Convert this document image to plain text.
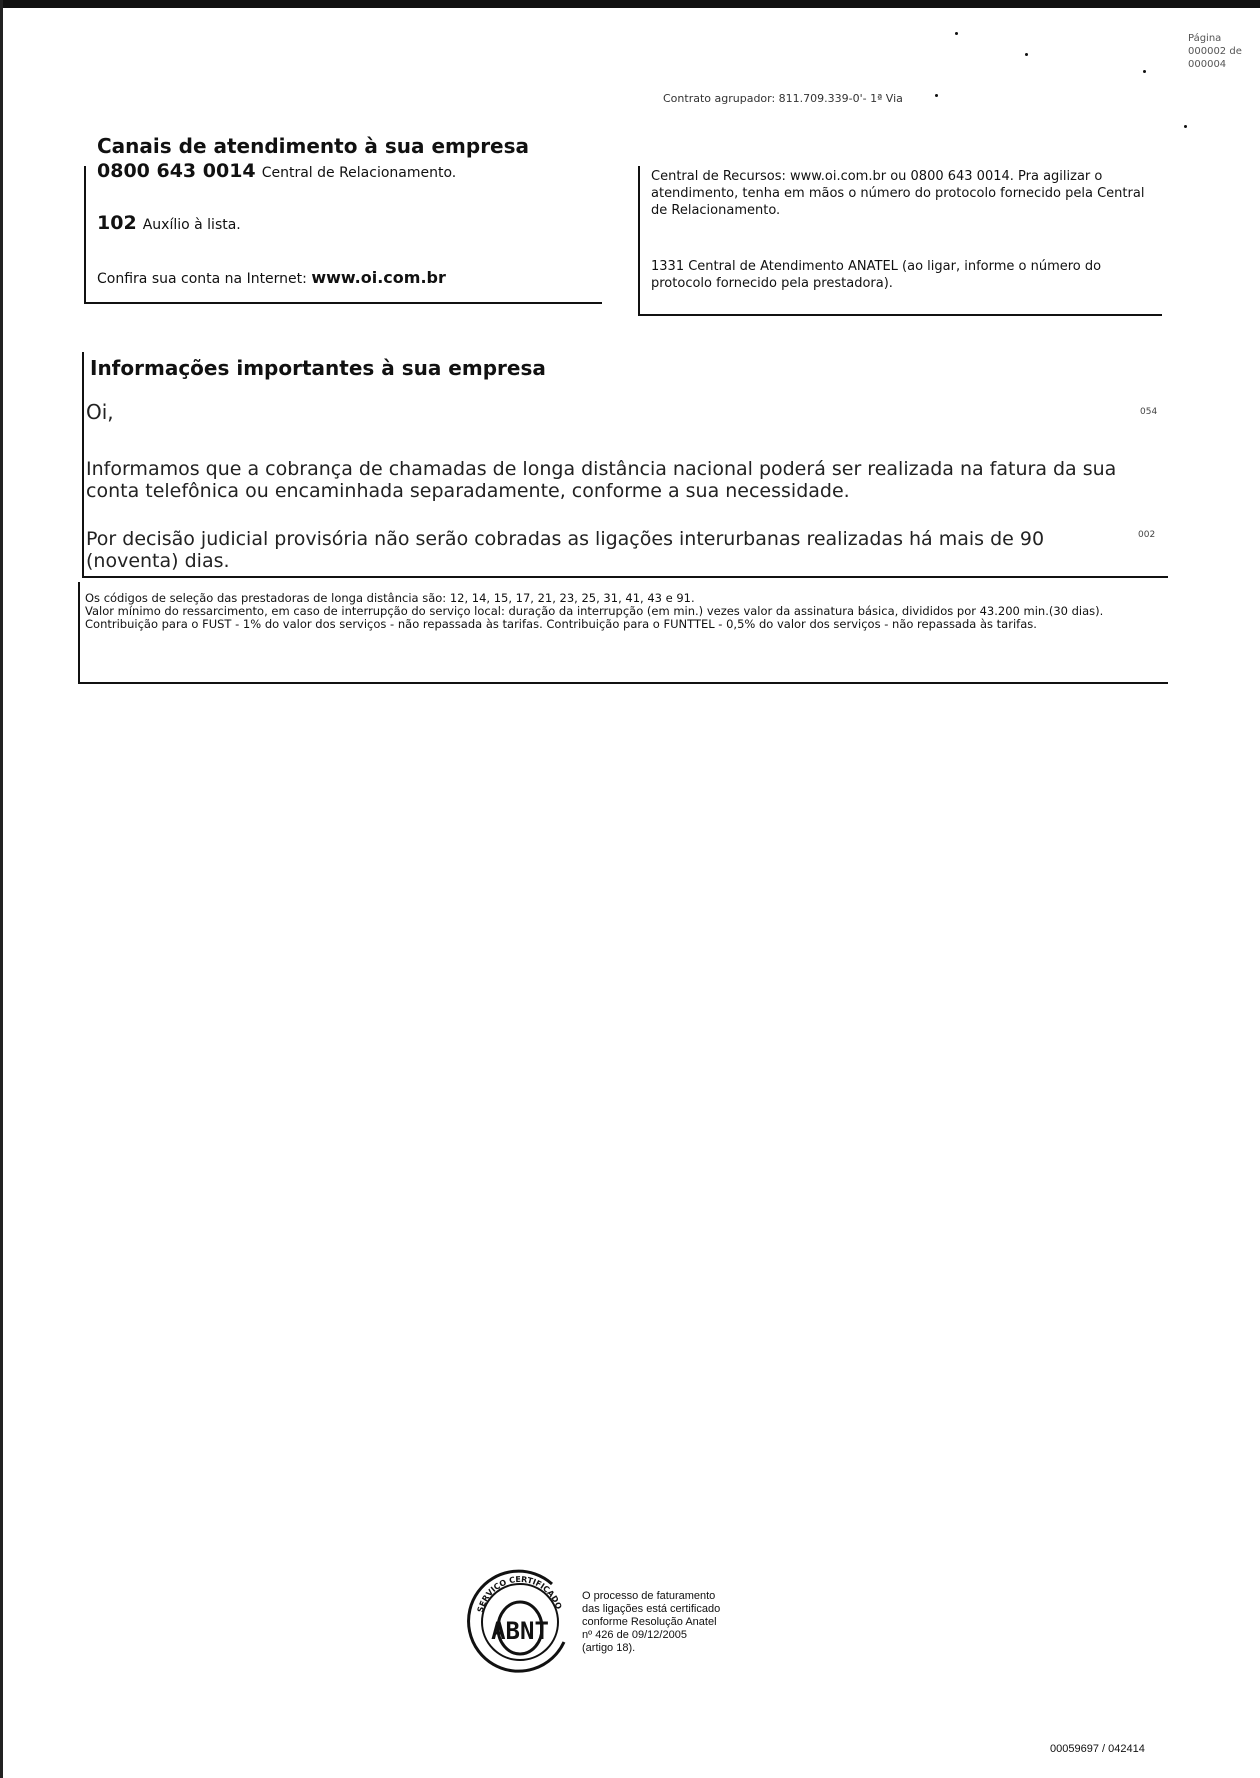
Página
000002 de
000004
Contrato agrupador: 811.709.339-0'- 1ª Via
Canais de atendimento à sua empresa
0800 643 0014 Central de Relacionamento.
102 Auxílio à lista.
Confira sua conta na Internet: www.oi.com.br
Central de Recursos: www.oi.com.br ou 0800 643 0014. Pra agilizar o atendimento, tenha em mãos o número do protocolo fornecido pela Central de Relacionamento.
1331 Central de Atendimento ANATEL (ao ligar, informe o número do protocolo fornecido pela prestadora).
Informações importantes à sua empresa
Oi,	054
Informamos que a cobrança de chamadas de longa distância nacional poderá ser realizada na fatura da sua conta telefônica ou encaminhada separadamente, conforme a sua necessidade.
Por decisão judicial provisória não serão cobradas as ligações interurbanas realizadas há mais de 90 (noventa) dias.
002
Os códigos de seleção das prestadoras de longa distância são: 12, 14, 15, 17, 21, 23, 25, 31, 41, 43 e 91.
Valor mínimo do ressarcimento, em caso de interrupção do serviço local: duração da interrupção (em min.) vezes valor da assinatura básica, divididos por 43.200 min.(30 dias).
Contribuição para o FUST - 1% do valor dos serviços - não repassada às tarifas. Contribuição para o FUNTTEL - 0,5% do valor dos serviços - não repassada às tarifas.
ABNT
SERVIÇO CERTIFICADO
O processo de faturamento
das ligações está certificado
conforme Resolução Anatel
nº 426 de 09/12/2005
(artigo 18).
00059697 / 042414
